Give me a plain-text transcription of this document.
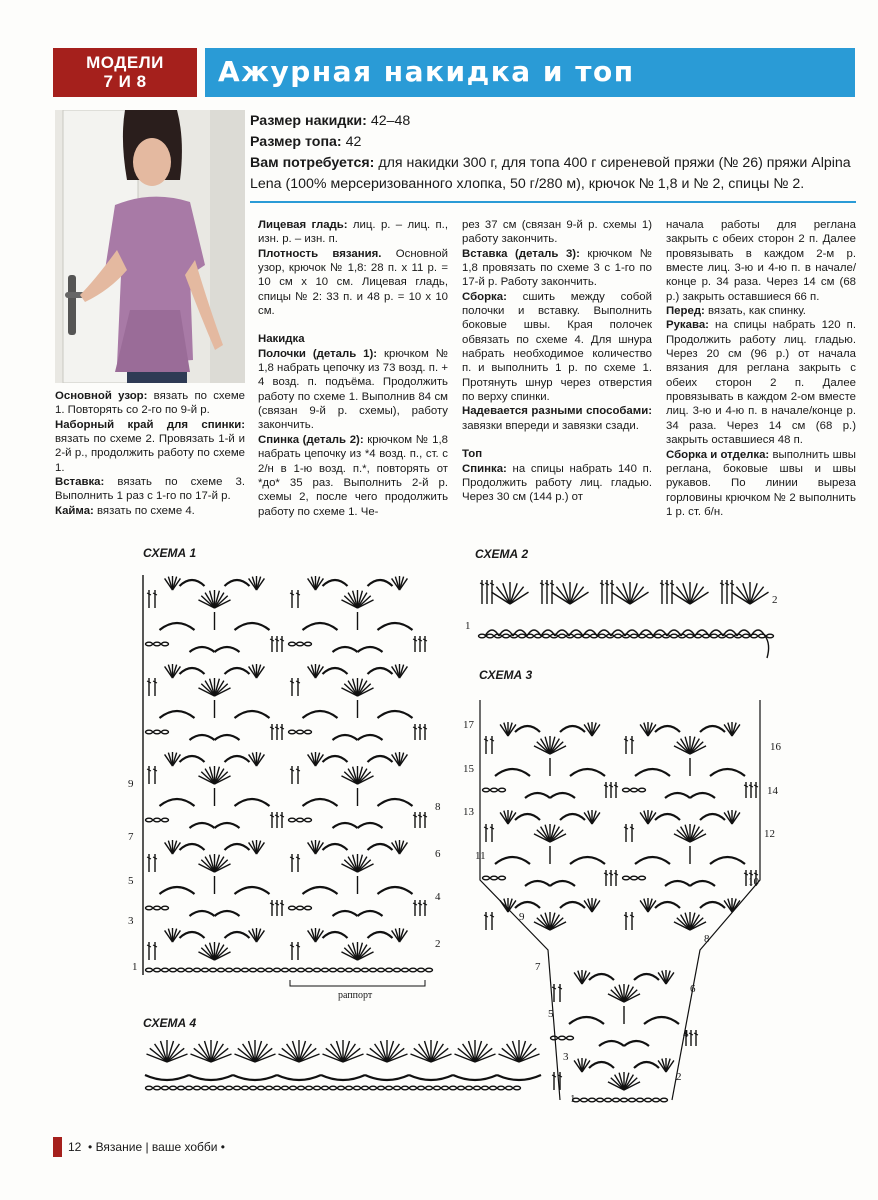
МОДЕЛИ
7 И 8	Ажурная накидка и топ
Размер накидки: 42–48
Размер топа: 42
Вам потребуется: для накидки 300 г, для топа 400 г сиреневой пряжи (№ 26) пряжи Alpina Lena (100% мерсеризованного хлопка, 50 г/280 м), крючок № 1,8 и № 2, спицы № 2.

Основной узор: вязать по схеме 1. Повторять со 2-го по 9-й р.

Наборный край для спинки: вязать по схеме 2. Провязать 1-й и 2-й р., продолжить работу по схеме 1.

Вставка: вязать по схеме 3. Выполнить 1 раз с 1-го по 17-й р.

Кайма: вязать по схеме 4.

Лицевая гладь: лиц. р. – лиц. п., изн. р. – изн. п.

Плотность вязания. Основной узор, крючок № 1,8: 28 п. х 11 р. = 10 см х 10 см. Лицевая гладь, спицы № 2: 33 п. и 48 р. = 10 х 10 см.

Накидка

Полочки (деталь 1): крючком № 1,8 набрать цепочку из 73 возд. п. + 4 возд. п. подъёма. Продолжить работу по схеме 1. Выполнив 84 см (связан 9-й р. схемы), работу закончить.

Спинка (деталь 2): крючком № 1,8 набрать цепочку из *4 возд. п., ст. с 2/н в 1-ю возд. п.*, повторять от *до* 35 раз. Выполнить 2-й р. схемы 2, после чего продолжить работу по схеме 1. Че-

рез 37 см (связан 9-й р. схемы 1) работу закончить.

Вставка (деталь 3): крючком № 1,8 провязать по схеме 3 с 1-го по 17-й р. Работу закончить.

Сборка: сшить между собой полочки и вставку. Выполнить боковые швы. Края полочек обвязать по схеме 4. Для шнура набрать необходимое количество п. и выполнить 1 р. по схеме 1. Протянуть шнур через отверстия по верху спинки.

Надевается разными способами: завязки впереди и завязки сзади.

Топ

Спинка: на спицы набрать 140 п. Продолжить работу лиц. гладью. Через 30 см (144 р.) от

начала работы для реглана закрыть с обеих сторон 2 п. Далее провязывать в каждом 2-м р. вместе лиц. 3-ю и 4-ю п. в начале/конце р. 34 раза. Через 14 см (68 р.) закрыть оставшиеся 66 п.

Перед: вязать, как спинку.

Рукава: на спицы набрать 120 п. Продолжить работу лиц. гладью. Через 20 см (96 р.) от начала вязания для реглана закрыть с обеих сторон 2 п. Далее провязывать в каждом 2-ом вместе лиц. 3-ю и 4-ю п. в начале/конце р. 34 раза. Через 14 см (68 р.) закрыть оставшиеся 48 п.

Сборка и отделка: выполнить швы реглана, боковые швы и швы рукавов. По линии выреза горловины крючком № 2 выполнить 1 р. ст. б/н.

СХЕМА 1	СХЕМА 2
СХЕМА 3
СХЕМА 4
9
7
5
3
1
8
6
4
2
раппорт
1
2
17
15
13
11
9
7
5
3
1
16
14
12
10
8
6
4
2
12 • Вязание | ваше хобби •
